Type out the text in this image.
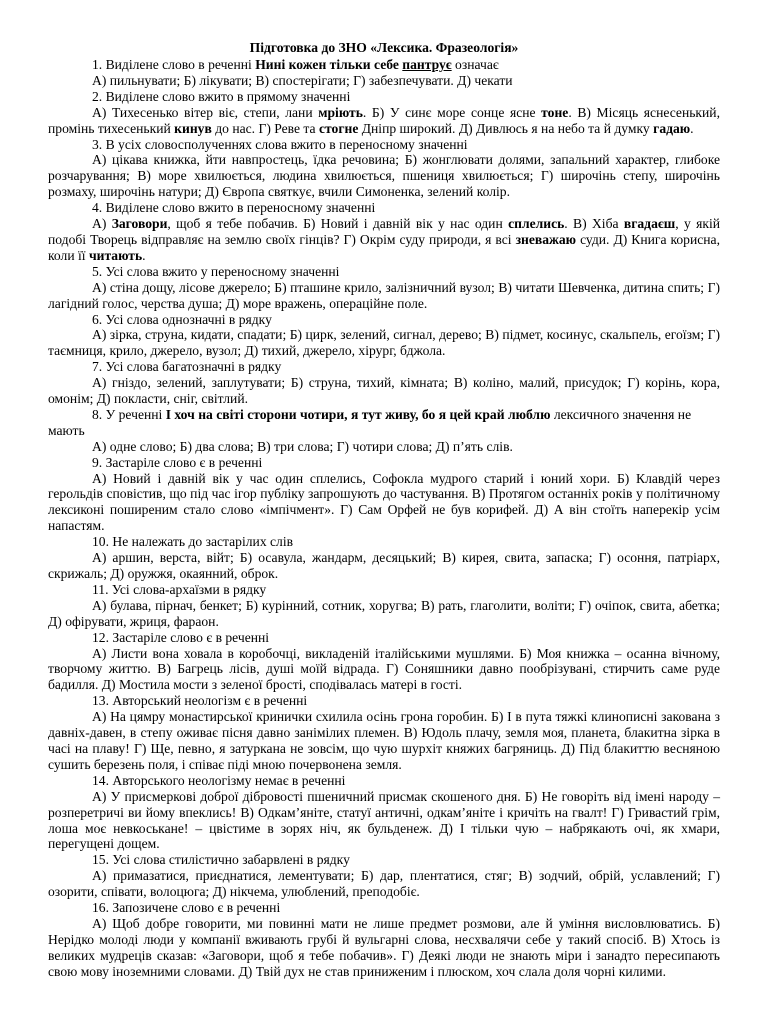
Підготовка до ЗНО «Лексика. Фразеологія»

1. Виділене слово в реченні Нині кожен тільки себе пантрує означає

А) пильнувати; Б) лікувати; В) спостерігати; Г) забезпечувати. Д) чекати

2. Виділене слово вжито в прямому значенні

А) Тихесенько вітер віє, степи, лани мріють. Б) У синє море сонце ясне тоне. В) Місяць яснесенький, промінь тихесенький кинув до нас. Г) Реве та стогне Дніпр широкий. Д) Дивлюсь я на небо та й думку гадаю.

3. В усіх словосполученнях слова вжито в переносному значенні

А) цікава книжка, йти навпростець, їдка речовина; Б) жонглювати долями, запальний характер, глибоке розчарування; В) море хвилюється, людина хвилюється, пшениця хвилюється; Г) широчінь степу, широчінь розмаху, широчінь натури; Д) Європа святкує, вчили Симоненка, зелений колір.

4. Виділене слово вжито в переносному значенні

А) Заговори, щоб я тебе побачив. Б) Новий і давній вік у нас один сплелись. В) Хіба вгадаєш, у якій подобі Творець відправляє на землю своїх гінців? Г) Окрім суду природи, я всі зневажаю суди. Д) Книга корисна, коли її читають.

5. Усі слова вжито у переносному значенні

А) стіна дощу, лісове джерело; Б) пташине крило, залізничний вузол; В) читати Шевченка, дитина спить; Г) лагідний голос, черства душа; Д) море вражень, операційне поле.

6. Усі слова однозначні в рядку

А) зірка, струна, кидати, спадати; Б) цирк, зелений, сигнал, дерево; В) підмет, косинус, скальпель, егоїзм; Г) таємниця, крило, джерело, вузол; Д) тихий, джерело, хірург, бджола.

7. Усі слова багатозначні в рядку

А) гніздо, зелений, заплутувати; Б) струна, тихий, кімната; В) коліно, малий, присудок; Г) корінь, кора, омонім; Д) покласти, сніг, світлий.

8. У реченні І хоч на світі сторони чотири, я тут живу, бо я цей край люблю лексичного значення не мають

А) одне слово; Б) два слова; В) три слова; Г) чотири слова; Д) п’ять слів.

9. Застаріле слово є в реченні

А) Новий і давній вік у час один сплелись, Софокла мудрого старий і юний хори. Б) Клавдій через герольдів сповістив, що під час ігор публіку запрошують до частування. В) Протягом останніх років у політичному лексиконі поширеним стало слово «імпічмент». Г) Сам Орфей не був корифей. Д) А він стоїть наперекір усім напастям.

10. Не належать до застарілих слів

А) аршин, верста, війт; Б) осавула, жандарм, десяцький; В) кирея, свита, запаска; Г) осоння, патріарх, скрижаль; Д) оружжя, окаянний, оброк.

11. Усі слова-архаїзми в рядку

А) булава, пірнач, бенкет; Б) курінний, сотник, хоругва; В) рать, глаголити, воліти; Г) очіпок, свита, абетка; Д) офірувати, жриця, фараон.

12. Застаріле слово є в реченні

А) Листи вона ховала в коробочці, викладеній італійськими мушлями. Б) Моя книжка – осанна вічному, творчому життю. В) Багрець лісів, душі моїй відрада. Г) Соняшники давно пообрізувані, стирчить саме руде бадилля. Д) Мостила мости з зеленої брості, сподівалась матері в гості.

13. Авторський неологізм є в реченні

А) На цямру монастирської кринички схилила осінь грона горобин. Б) І в пута тяжкі клинописні закована з давніх-давен, в степу оживає пісня давно занімілих племен. В) Юдоль плачу, земля моя, планета, блакитна зірка в часі на плаву! Г) Ще, певно, я затуркана не зовсім, що чую шурхіт княжих багряниць. Д) Під блакиттю весняною сушить березень поля, і співає піді мною почервонена земля.

14. Авторського неологізму немає в реченні

А) У присмеркові доброї дібровості пшеничний присмак скошеного дня. Б) Не говоріть від імені народу – розперетричі ви йому впеклись! В) Одкам’яніте, статуї античні, одкам’яніте і кричіть на гвалт! Г) Гривастий грім, лоша моє невкоськане! – цвістиме в зорях ніч, як бульденеж. Д) І тільки чую – набрякають очі, як хмари, перегущені дощем.

15. Усі слова стилістично забарвлені в рядку

А) примазатися, приєднатися, лементувати; Б) дар, плентатися, стяг; В) зодчий, обрій, уславлений; Г) озорити, співати, волоцюга; Д) нікчема, улюблений, преподобіє.

16. Запозичене слово є в реченні

А) Щоб добре говорити, ми повинні мати не лише предмет розмови, але й уміння висловлюватись. Б) Нерідко молоді люди у компанії вживають грубі й вульгарні слова, несхвалячи себе у такий спосіб. В) Хтось із великих мудреців сказав: «Заговори, щоб я тебе побачив». Г) Деякі люди не знають міри і занадто пересипають свою мову іноземними словами. Д) Твій дух не став приниженим і плюском, хоч слала доля чорні килими.
